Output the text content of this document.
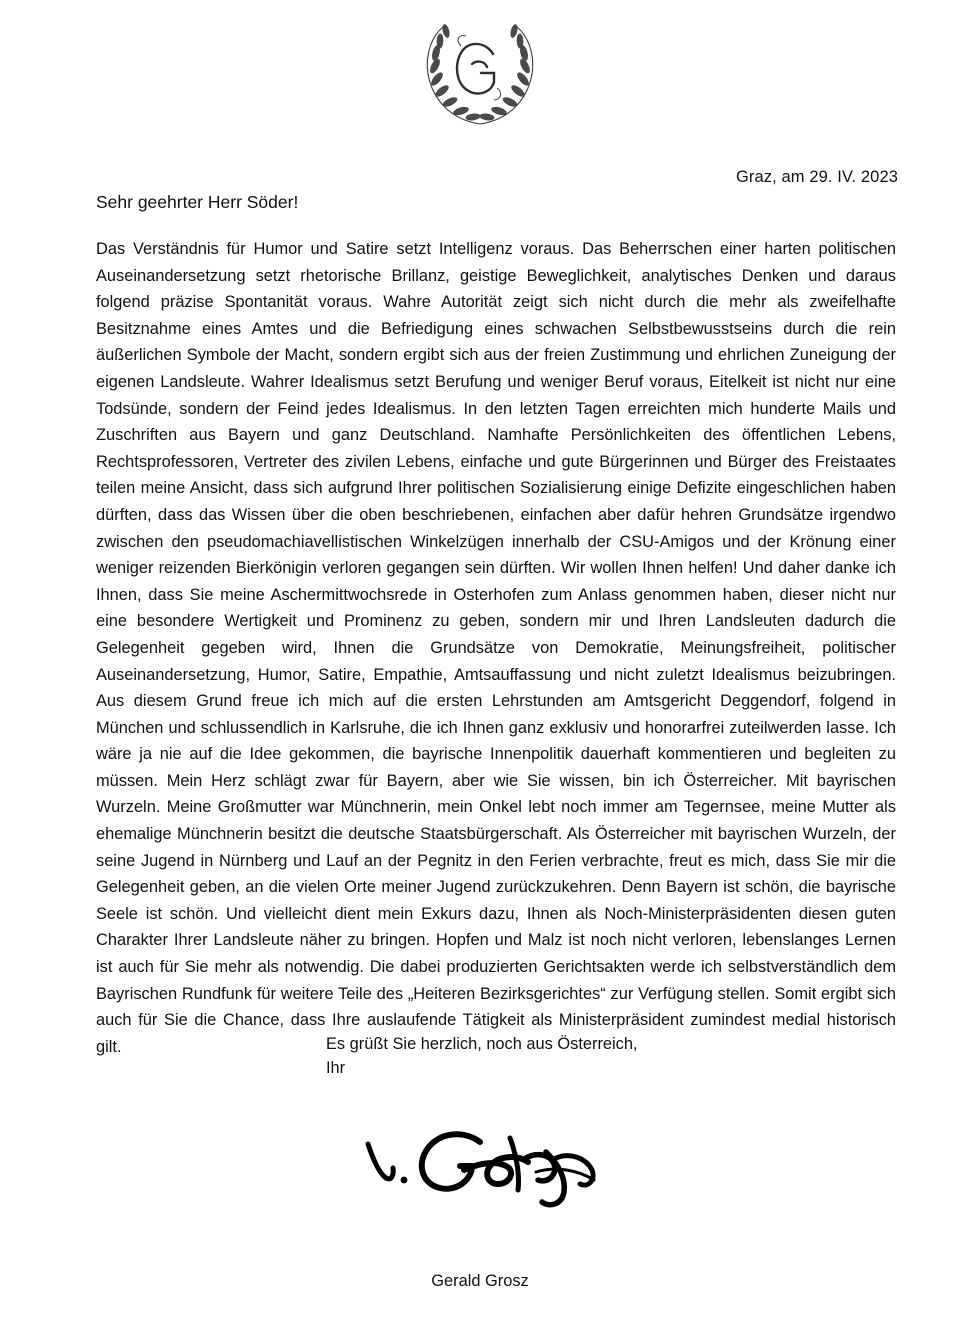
Graz, am 29. IV. 2023
Sehr geehrter Herr Söder!

Das Verständnis für Humor und Satire setzt Intelligenz voraus. Das Beherrschen einer harten politischen Auseinandersetzung setzt rhetorische Brillanz, geistige Beweglichkeit, analytisches Denken und daraus folgend präzise Spontanität voraus. Wahre Autorität zeigt sich nicht durch die mehr als zweifelhafte Besitznahme eines Amtes und die Befriedigung eines schwachen Selbstbewusstseins durch die rein äußerlichen Symbole der Macht, sondern ergibt sich aus der freien Zustimmung und ehrlichen Zuneigung der eigenen Landsleute. Wahrer Idealismus setzt Berufung und weniger Beruf voraus, Eitelkeit ist nicht nur eine Todsünde, sondern der Feind jedes Idealismus. In den letzten Tagen erreichten mich hunderte Mails und Zuschriften aus Bayern und ganz Deutschland. Namhafte Persönlichkeiten des öffentlichen Lebens, Rechtsprofessoren, Vertreter des zivilen Lebens, einfache und gute Bürgerinnen und Bürger des Freistaates teilen meine Ansicht, dass sich aufgrund Ihrer politischen Sozialisierung einige Defizite eingeschlichen haben dürften, dass das Wissen über die oben beschriebenen, einfachen aber dafür hehren Grundsätze irgendwo zwischen den pseudomachiavellistischen Winkelzügen innerhalb der CSU-Amigos und der Krönung einer weniger reizenden Bierkönigin verloren gegangen sein dürften. Wir wollen Ihnen helfen! Und daher danke ich Ihnen, dass Sie meine Aschermittwochsrede in Osterhofen zum Anlass genommen haben, dieser nicht nur eine besondere Wertigkeit und Prominenz zu geben, sondern mir und Ihren Landsleuten dadurch die Gelegenheit gegeben wird, Ihnen die Grundsätze von Demokratie, Meinungsfreiheit, politischer Auseinandersetzung, Humor, Satire, Empathie, Amtsauffassung und nicht zuletzt Idealismus beizubringen. Aus diesem Grund freue ich mich auf die ersten Lehrstunden am Amtsgericht Deggendorf, folgend in München und schlussendlich in Karlsruhe, die ich Ihnen ganz exklusiv und honorarfrei zuteilwerden lasse. Ich wäre ja nie auf die Idee gekommen, die bayrische Innenpolitik dauerhaft kommentieren und begleiten zu müssen. Mein Herz schlägt zwar für Bayern, aber wie Sie wissen, bin ich Österreicher. Mit bayrischen Wurzeln. Meine Großmutter war Münchnerin, mein Onkel lebt noch immer am Tegernsee, meine Mutter als ehemalige Münchnerin besitzt die deutsche Staatsbürgerschaft. Als Österreicher mit bayrischen Wurzeln, der seine Jugend in Nürnberg und Lauf an der Pegnitz in den Ferien verbrachte, freut es mich, dass Sie mir die Gelegenheit geben, an die vielen Orte meiner Jugend zurückzukehren. Denn Bayern ist schön, die bayrische Seele ist schön. Und vielleicht dient mein Exkurs dazu, Ihnen als Noch-Ministerpräsidenten diesen guten Charakter Ihrer Landsleute näher zu bringen. Hopfen und Malz ist noch nicht verloren, lebenslanges Lernen ist auch für Sie mehr als notwendig. Die dabei produzierten Gerichtsakten werde ich selbstverständlich dem Bayrischen Rundfunk für weitere Teile des „Heiteren Bezirksgerichtes“ zur Verfügung stellen. Somit ergibt sich auch für Sie die Chance, dass Ihre auslaufende Tätigkeit als Ministerpräsident zumindest medial historisch gilt.	Es grüßt Sie herzlich, noch aus Österreich,
Ihr
Gerald Grosz
